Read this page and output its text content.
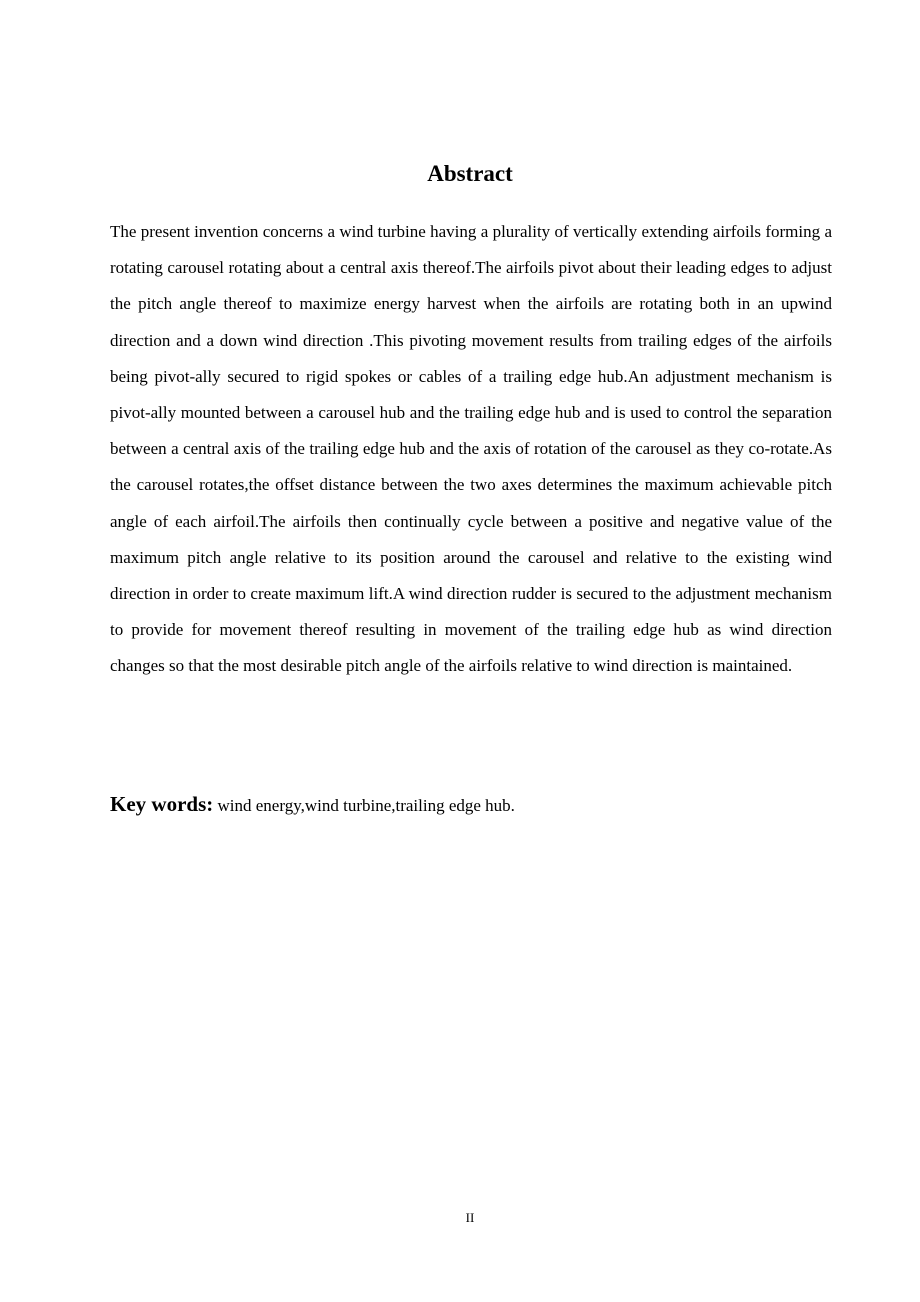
Abstract

The present invention concerns a wind turbine having a plurality of vertically extending airfoils forming a rotating carousel rotating about a central axis thereof.The airfoils pivot about their leading edges to adjust the pitch angle thereof to maximize energy harvest when the airfoils are rotating both in an upwind direction and a down wind direction .This pivoting movement results from trailing edges of the airfoils being pivot-ally secured to rigid spokes or cables of a trailing edge hub.An adjustment mechanism is pivot-ally mounted between a carousel hub and the trailing edge hub and is used to control the separation between a central axis of the trailing edge hub and the axis of rotation of the carousel as they co-rotate.As the carousel rotates,the offset distance between the two axes determines the maximum achievable pitch angle of each airfoil.The airfoils then continually cycle between a positive and negative value of the maximum pitch angle relative to its position around the carousel and relative to the existing wind direction in order to create maximum lift.A wind direction rudder is secured to the adjustment mechanism to provide for movement thereof resulting in movement of the trailing edge hub as wind direction changes so that the most desirable pitch angle of the airfoils relative to wind direction is maintained.

Key words: wind energy,wind turbine,trailing edge hub.

II
